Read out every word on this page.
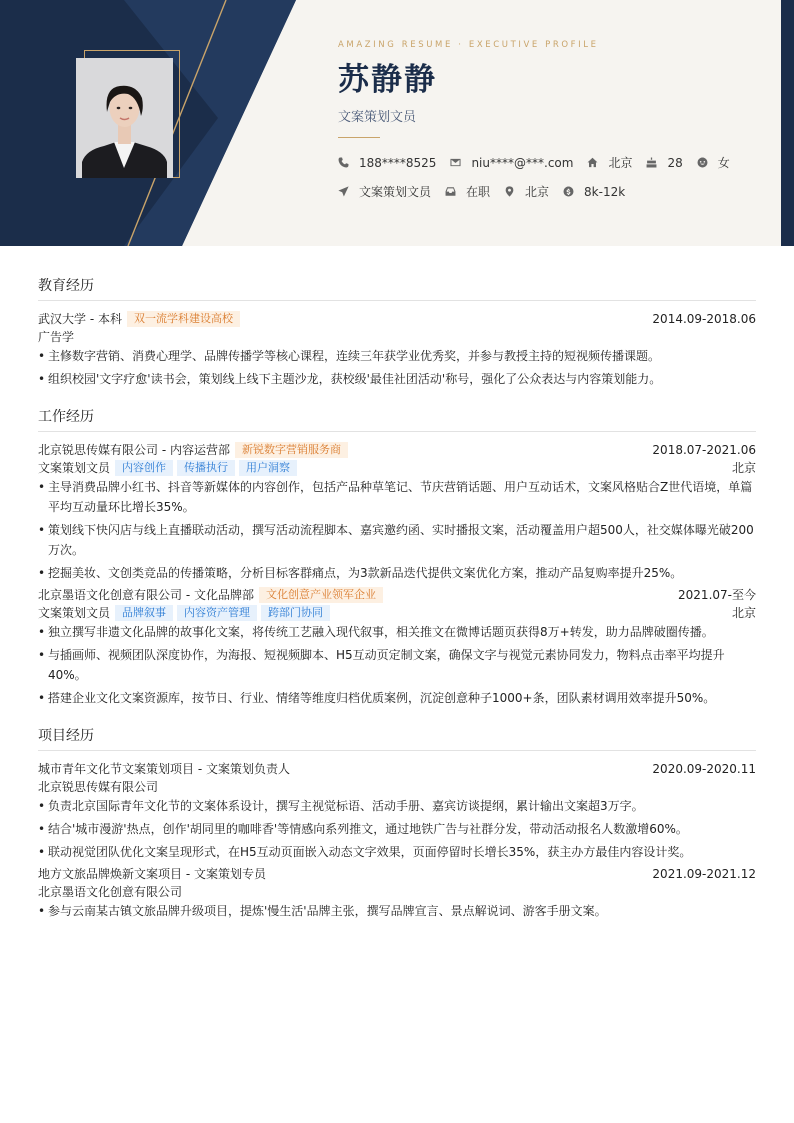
AMAZING RESUME · EXECUTIVE PROFILE
苏静静
文案策划文员
188****8525	niu****@***.com	北京	28	女
文案策划文员	在职	北京	8k-12k
教育经历
武汉大学 - 本科	双一流学科建设高校	2014.09-2018.06
广告学
• 主修数字营销、消费心理学、品牌传播学等核心课程，连续三年获学业优秀奖，并参与教授主持的短视频传播课题。
• 组织校园'文字疗愈'读书会，策划线上线下主题沙龙，获校级'最佳社团活动'称号，强化了公众表达与内容策划能力。
工作经历
北京锐思传媒有限公司 - 内容运营部	新锐数字营销服务商	2018.07-2021.06
文案策划文员	内容创作	传播执行	用户洞察	北京
• 主导消费品牌小红书、抖音等新媒体的内容创作，包括产品种草笔记、节庆营销话题、用户互动话术，文案风格贴合Z世代语境，单篇平均互动量环比增长35%。
• 策划线下快闪店与线上直播联动活动，撰写活动流程脚本、嘉宾邀约函、实时播报文案，活动覆盖用户超500人，社交媒体曝光破200万次。
• 挖掘美妆、文创类竞品的传播策略，分析目标客群痛点，为3款新品迭代提供文案优化方案，推动产品复购率提升25%。
北京墨语文化创意有限公司 - 文化品牌部	文化创意产业领军企业	2021.07-至今
文案策划文员	品牌叙事	内容资产管理	跨部门协同	北京
• 独立撰写非遗文化品牌的故事化文案，将传统工艺融入现代叙事，相关推文在微博话题页获得8万+转发，助力品牌破圈传播。
• 与插画师、视频团队深度协作，为海报、短视频脚本、H5互动页定制文案，确保文字与视觉元素协同发力，物料点击率平均提升40%。
• 搭建企业文化文案资源库，按节日、行业、情绪等维度归档优质案例，沉淀创意种子1000+条，团队素材调用效率提升50%。
项目经历
城市青年文化节文案策划项目 - 文案策划负责人	2020.09-2020.11
北京锐思传媒有限公司
• 负责北京国际青年文化节的文案体系设计，撰写主视觉标语、活动手册、嘉宾访谈提纲，累计输出文案超3万字。
• 结合'城市漫游'热点，创作'胡同里的咖啡香'等情感向系列推文，通过地铁广告与社群分发，带动活动报名人数激增60%。
• 联动视觉团队优化文案呈现形式，在H5互动页面嵌入动态文字效果，页面停留时长增长35%，获主办方最佳内容设计奖。
地方文旅品牌焕新文案项目 - 文案策划专员	2021.09-2021.12
北京墨语文化创意有限公司
• 参与云南某古镇文旅品牌升级项目，提炼'慢生活'品牌主张，撰写品牌宣言、景点解说词、游客手册文案。
